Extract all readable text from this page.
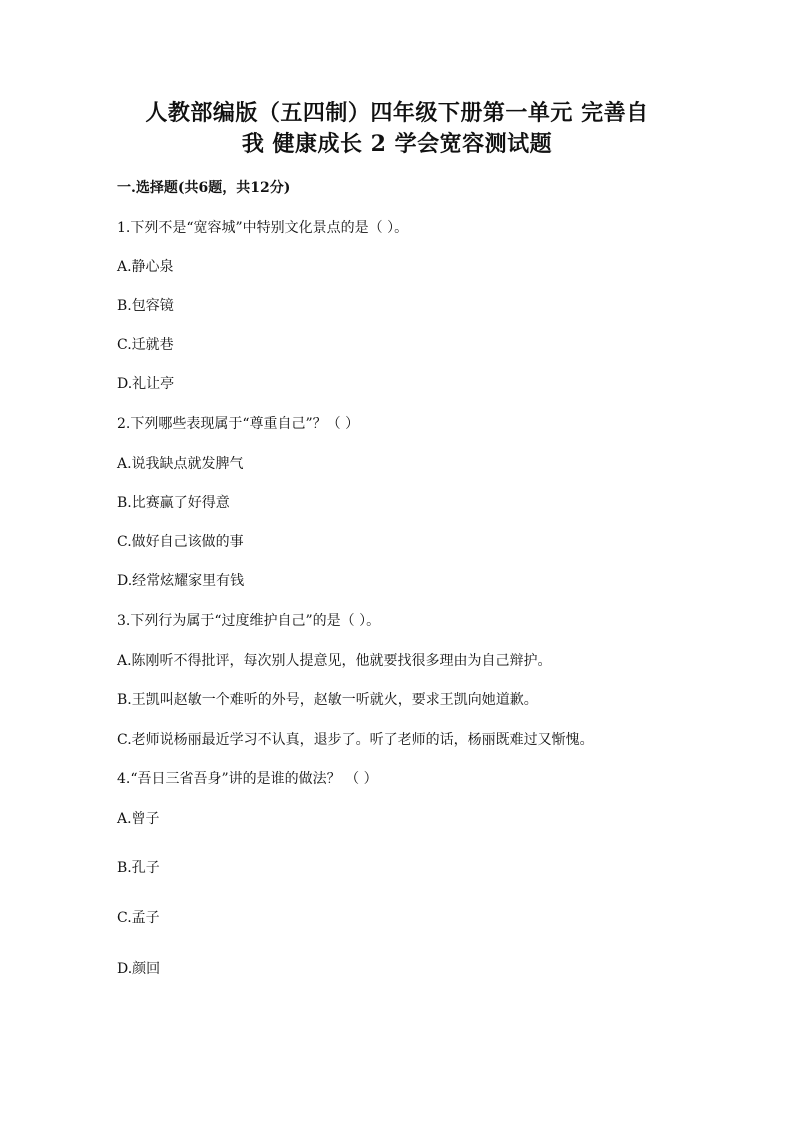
人教部编版（五四制）四年级下册第一单元 完善自
我 健康成长 2 学会宽容测试题
一.选择题(共6题，共12分)
1.下列不是“宽容城”中特别文化景点的是（ ）。
A.静心泉
B.包容镜
C.迁就巷
D.礼让亭
2.下列哪些表现属于“尊重自己”？（ ）
A.说我缺点就发脾气
B.比赛赢了好得意
C.做好自己该做的事
D.经常炫耀家里有钱
3.下列行为属于“过度维护自己”的是（ ）。
A.陈刚听不得批评，每次别人提意见，他就要找很多理由为自己辩护。
B.王凯叫赵敏一个难听的外号，赵敏一听就火，要求王凯向她道歉。
C.老师说杨丽最近学习不认真，退步了。听了老师的话，杨丽既难过又惭愧。
4.“吾日三省吾身”讲的是谁的做法？ （ ）
A.曾子
B.孔子
C.孟子
D.颜回
